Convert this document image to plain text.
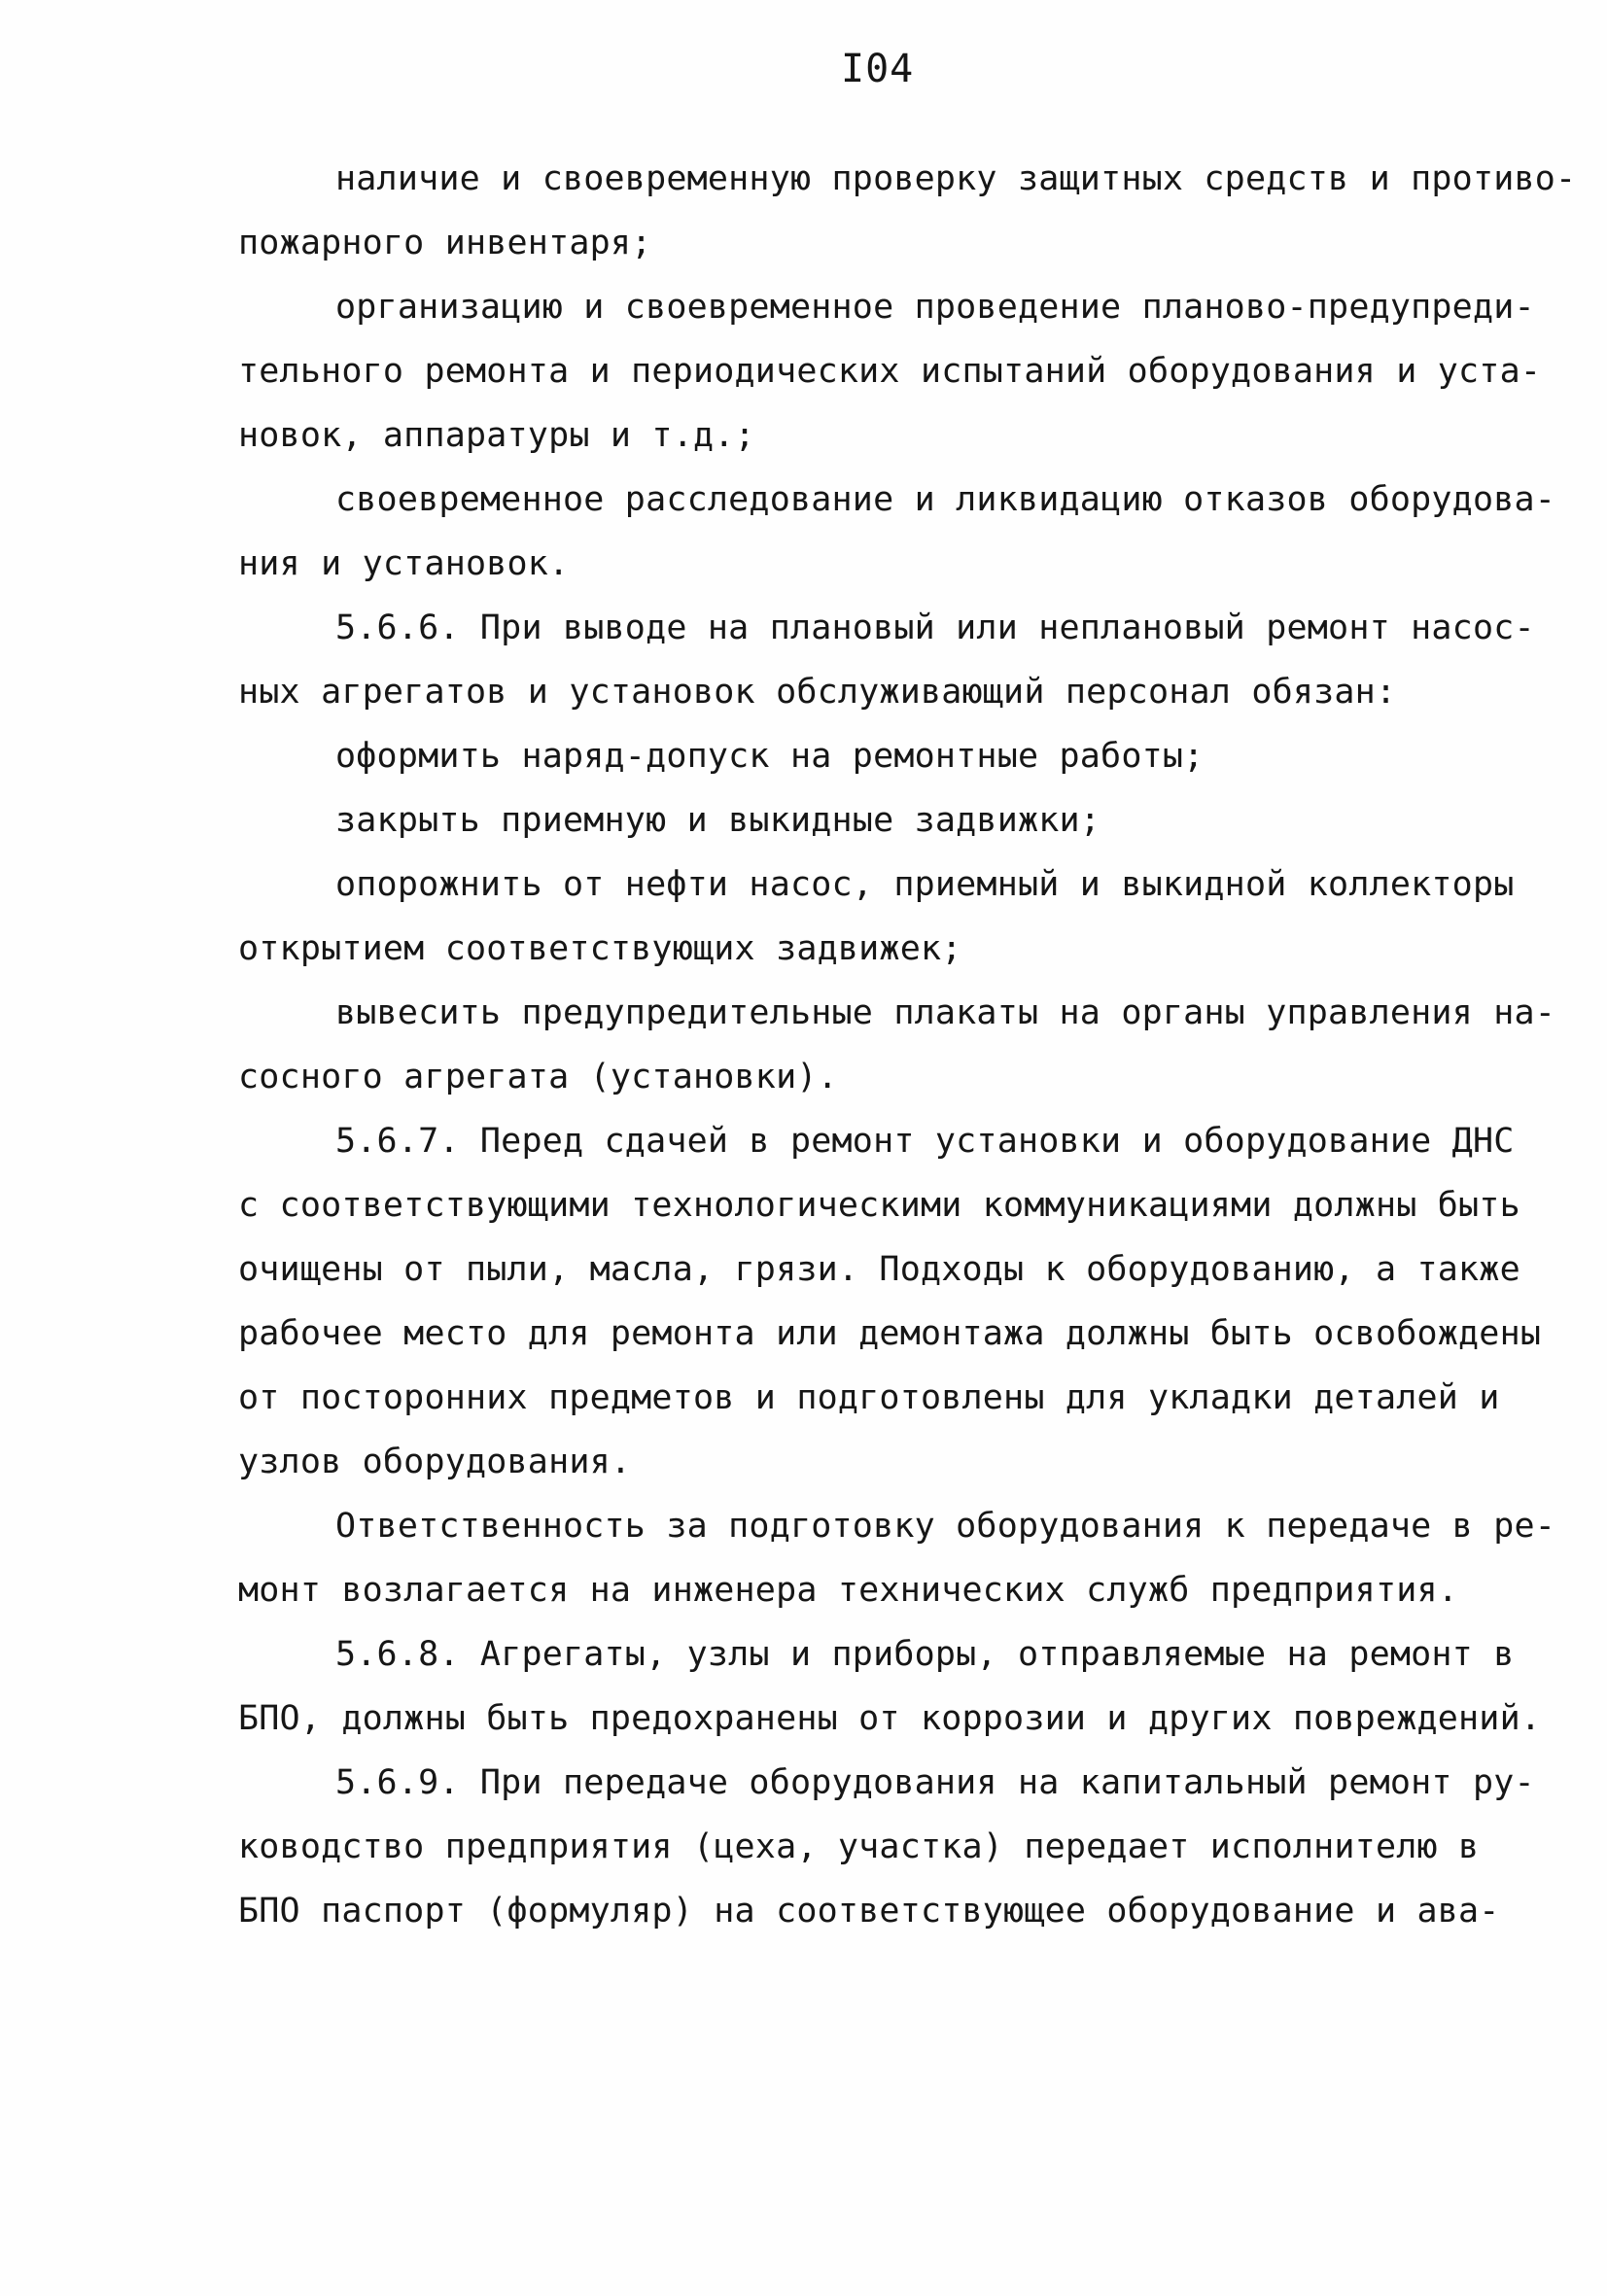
I04
наличие и своевременную проверку защитных средств и противо-
пожарного инвентаря;
организацию и своевременное проведение планово-предупреди-
тельного ремонта и периодических испытаний оборудования и уста-
новок, аппаратуры и т.д.;
своевременное расследование и ликвидацию отказов оборудова-
ния и установок.
5.6.6. При выводе на плановый или неплановый ремонт насос-
ных агрегатов и установок обслуживающий персонал обязан:
оформить наряд-допуск на ремонтные работы;
закрыть приемную и выкидные задвижки;
опорожнить от нефти насос, приемный и выкидной коллекторы
открытием соответствующих задвижек;
вывесить предупредительные плакаты на органы управления на-
сосного агрегата (установки).
5.6.7. Перед сдачей в ремонт установки и оборудование ДНС
с соответствующими технологическими коммуникациями должны быть
очищены от пыли, масла, грязи. Подходы к оборудованию, а также
рабочее место для ремонта или демонтажа должны быть освобождены
от посторонних предметов и подготовлены для укладки деталей и
узлов оборудования.
Ответственность за подготовку оборудования к передаче в ре-
монт возлагается на инженера технических служб предприятия.
5.6.8. Агрегаты, узлы и приборы, отправляемые на ремонт в
БПО, должны быть предохранены от коррозии и других повреждений.
5.6.9. При передаче оборудования на капитальный ремонт ру-
ководство предприятия (цеха, участка) передает исполнителю в
БПО паспорт (формуляр) на соответствующее оборудование и ава-
